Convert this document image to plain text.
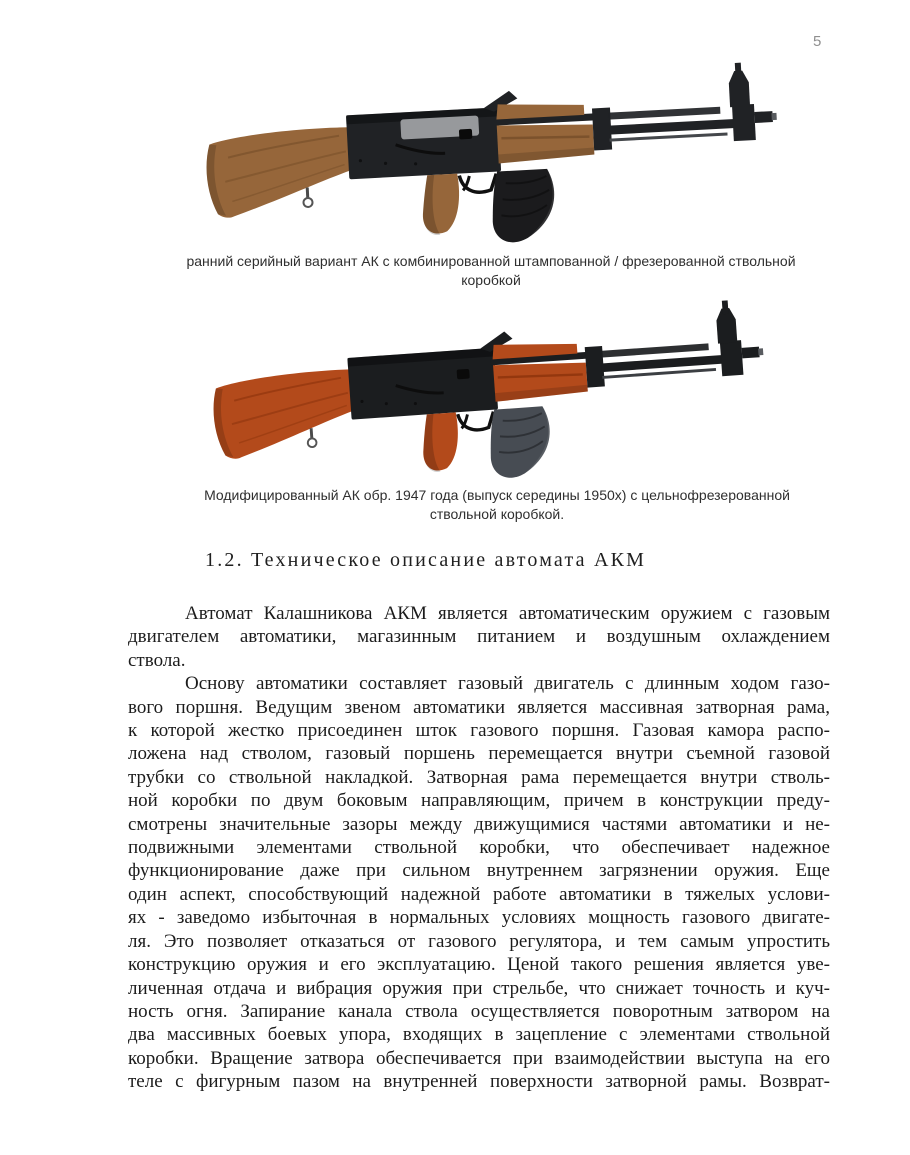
5
ранний серийный вариант АК с комбинированной штампованной / фрезерованной ствольной
коробкой
Модифицированный АК обр. 1947 года (выпуск середины 1950х) с цельнофрезерованной
ствольной коробкой.
1.2. Техническое описание автомата АКМ
Автомат Калашникова АКМ является автоматическим оружием с газовым
двигателем автоматики, магазинным питанием и воздушным охлаждением
ствола.
Основу автоматики составляет газовый двигатель с длинным ходом газо-
вого поршня. Ведущим звеном автоматики является массивная затворная рама,
к которой жестко присоединен шток газового поршня. Газовая камора распо-
ложена над стволом, газовый поршень перемещается внутри съемной газовой
трубки со ствольной накладкой. Затворная рама перемещается внутри стволь-
ной коробки по двум боковым направляющим, причем в конструкции преду-
смотрены значительные зазоры между движущимися частями автоматики и не-
подвижными элементами ствольной коробки, что обеспечивает надежное
функционирование даже при сильном внутреннем загрязнении оружия. Еще
один аспект, способствующий надежной работе автоматики в тяжелых услови-
ях - заведомо избыточная в нормальных условиях мощность газового двигате-
ля. Это позволяет отказаться от газового регулятора, и тем самым упростить
конструкцию оружия и его эксплуатацию. Ценой такого решения является уве-
личенная отдача и вибрация оружия при стрельбе, что снижает точность и куч-
ность огня. Запирание канала ствола осуществляется поворотным затвором на
два массивных боевых упора, входящих в зацепление с элементами ствольной
коробки. Вращение затвора обеспечивается при взаимодействии выступа на его
теле с фигурным пазом на внутренней поверхности затворной рамы. Возврат-
